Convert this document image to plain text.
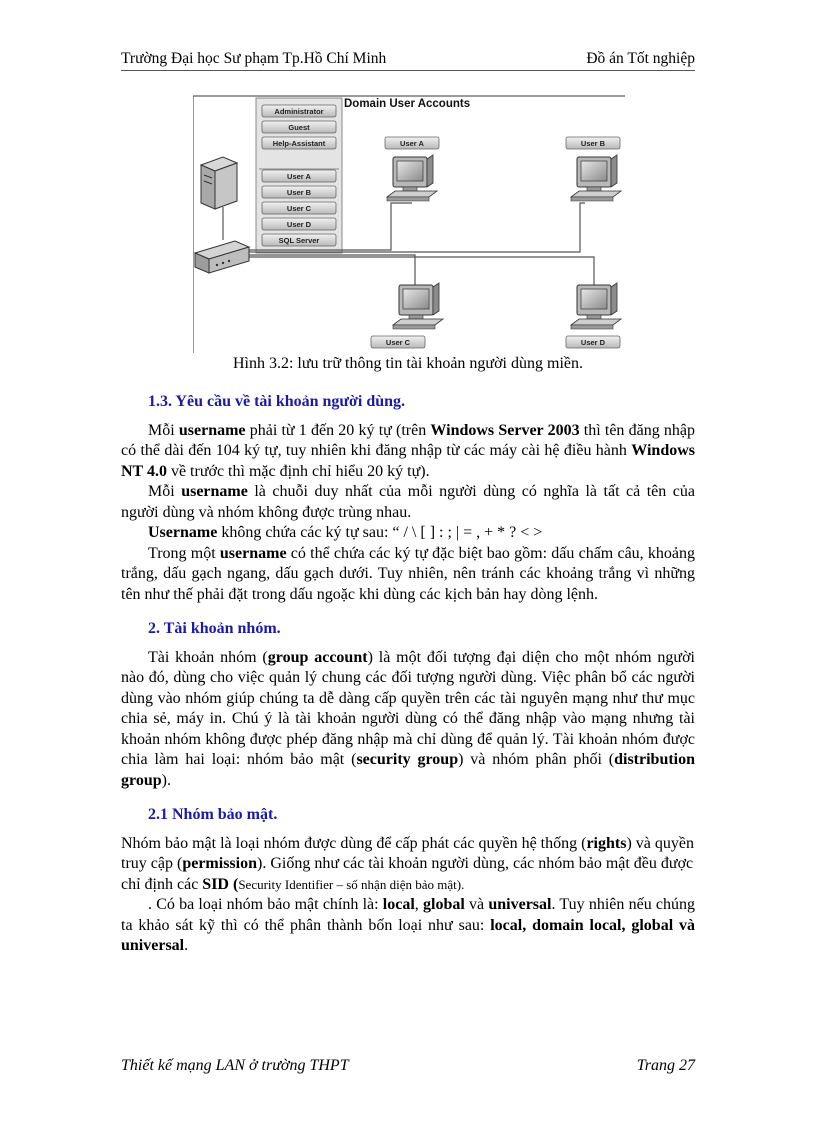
Trường Đại học Sư phạm Tp.Hồ Chí Minh	Đồ án Tốt nghiệp
Administrator
Guest
Help-Assistant
User A
User B
User C
User D
SQL Server
Domain User Accounts
User A	User B
User C	User D
Hình 3.2: lưu trữ thông tin tài khoản người dùng miền.

1.3. Yêu cầu về tài khoản người dùng.

Mỗi username phải từ 1 đến 20 ký tự (trên Windows Server 2003 thì tên đăng nhập có thể dài đến 104 ký tự, tuy nhiên khi đăng nhập từ các máy cài hệ điều hành Windows NT 4.0 về trước thì mặc định chỉ hiểu 20 ký tự).

Mỗi username là chuỗi duy nhất của mỗi người dùng có nghĩa là tất cả tên của người dùng và nhóm không được trùng nhau.

Username không chứa các ký tự sau: “ / \ [ ] : ; | = , + * ? < >

Trong một username có thể chứa các ký tự đặc biệt bao gồm: dấu chấm câu, khoảng trắng, dấu gạch ngang, dấu gạch dưới. Tuy nhiên, nên tránh các khoảng trắng vì những tên như thế phải đặt trong dấu ngoặc khi dùng các kịch bản hay dòng lệnh.

2. Tài khoản nhóm.

Tài khoản nhóm (group account) là một đối tượng đại diện cho một nhóm người nào đó, dùng cho việc quản lý chung các đối tượng người dùng. Việc phân bổ các người dùng vào nhóm giúp chúng ta dễ dàng cấp quyền trên các tài nguyên mạng như thư mục chia sẻ, máy in. Chú ý là tài khoản người dùng có thể đăng nhập vào mạng nhưng tài khoản nhóm không được phép đăng nhập mà chỉ dùng để quản lý. Tài khoản nhóm được chia làm hai loại: nhóm bảo mật (security group) và nhóm phân phối (distribution group).

2.1 Nhóm bảo mật.

Nhóm bảo mật là loại nhóm được dùng để cấp phát các quyền hệ thống (rights) và quyền truy cập (permission). Giống như các tài khoản người dùng, các nhóm bảo mật đều được chỉ định các SID (Security Identifier – số nhận diện bảo mật).

. Có ba loại nhóm bảo mật chính là: local, global và universal. Tuy nhiên nếu chúng ta khảo sát kỹ thì có thể phân thành bốn loại như sau: local, domain local, global và universal.

Thiết kế mạng LAN ở trường THPT	Trang 27
